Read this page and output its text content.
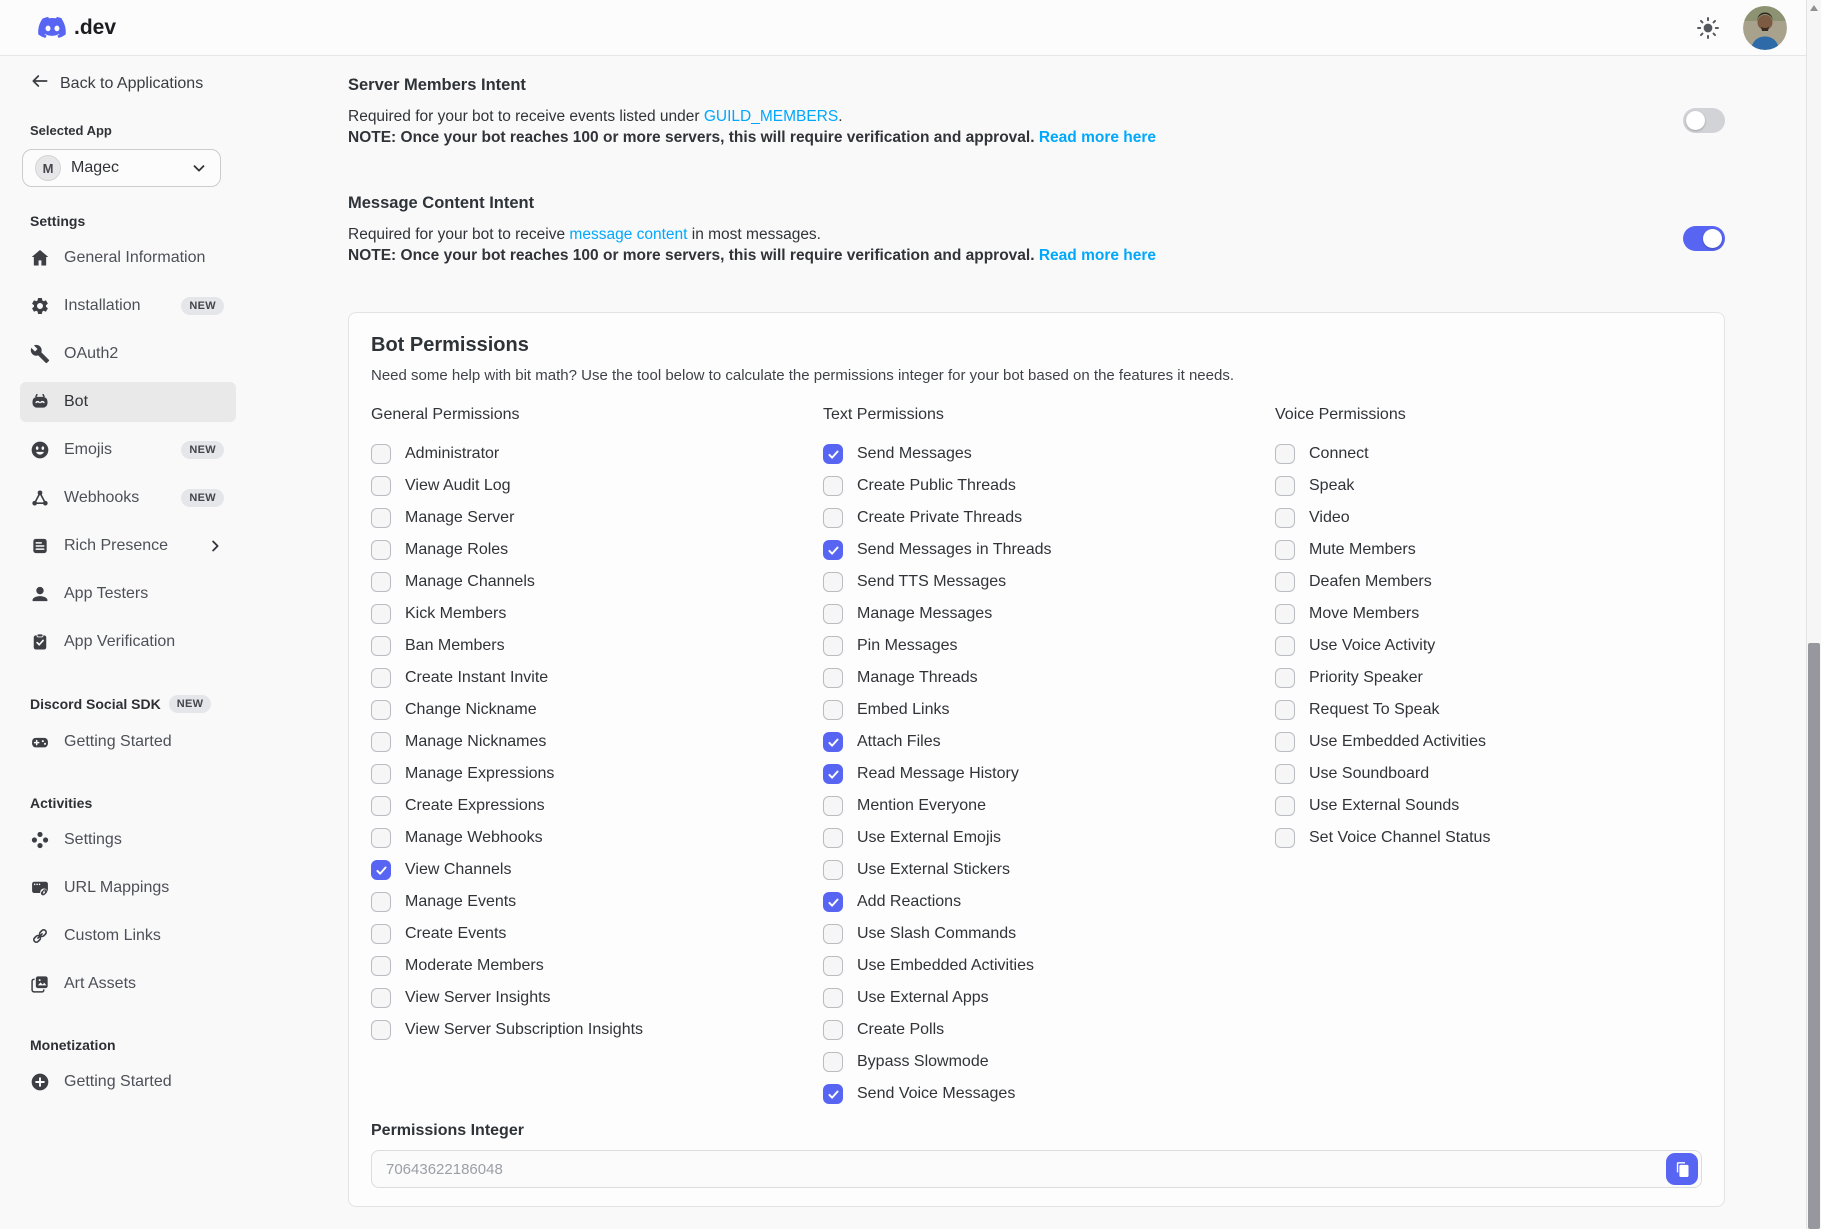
.dev
Back to Applications
Selected App
M	Magec
Settings
General Information
Installation	NEW
OAuth2
Bot
Emojis	NEW
Webhooks	NEW
Rich Presence
App Testers
App Verification
Discord Social SDK	NEW
Getting Started
Activities
Settings
URL Mappings
Custom Links
Art Assets
Monetization
Getting Started
Server Members Intent

Required for your bot to receive events listed under GUILD_MEMBERS.
NOTE: Once your bot reaches 100 or more servers, this will require verification and approval. Read more here

Message Content Intent

Required for your bot to receive message content in most messages.
NOTE: Once your bot reaches 100 or more servers, this will require verification and approval. Read more here

Bot Permissions
Need some help with bit math? Use the tool below to calculate the permissions integer for your bot based on the features it needs.
General Permissions
Administrator
View Audit Log
Manage Server
Manage Roles
Manage Channels
Kick Members
Ban Members
Create Instant Invite
Change Nickname
Manage Nicknames
Manage Expressions
Create Expressions
Manage Webhooks
View Channels
Manage Events
Create Events
Moderate Members
View Server Insights
View Server Subscription Insights
Text Permissions
Send Messages
Create Public Threads
Create Private Threads
Send Messages in Threads
Send TTS Messages
Manage Messages
Pin Messages
Manage Threads
Embed Links
Attach Files
Read Message History
Mention Everyone
Use External Emojis
Use External Stickers
Add Reactions
Use Slash Commands
Use Embedded Activities
Use External Apps
Create Polls
Bypass Slowmode
Send Voice Messages
Voice Permissions
Connect
Speak
Video
Mute Members
Deafen Members
Move Members
Use Voice Activity
Priority Speaker
Request To Speak
Use Embedded Activities
Use Soundboard
Use External Sounds
Set Voice Channel Status
Permissions Integer
70643622186048
